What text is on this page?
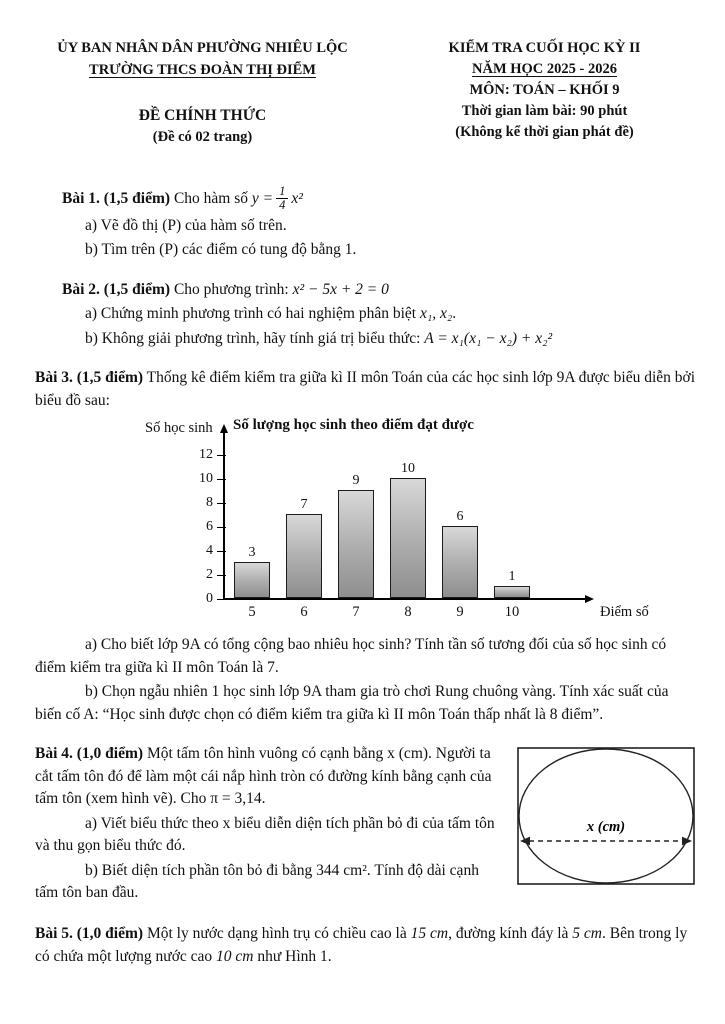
ỦY BAN NHÂN DÂN PHƯỜNG NHIÊU LỘC
TRƯỜNG THCS ĐOÀN THỊ ĐIỂM
ĐỀ CHÍNH THỨC
(Đề có 02 trang)
KIỂM TRA CUỐI HỌC KỲ II
NĂM HỌC 2025 - 2026
MÔN: TOÁN – KHỐI 9
Thời gian làm bài: 90 phút
(Không kể thời gian phát đề)

Bài 1. (1,5 điểm) Cho hàm số $y = \frac{1}{4} x^2$

a) Vẽ đồ thị (P) của hàm số trên.

b) Tìm trên (P) các điểm có tung độ bằng 1.

Bài 2. (1,5 điểm) Cho phương trình: x² − 5x + 2 = 0

a) Chứng minh phương trình có hai nghiệm phân biệt x₁, x₂.

b) Không giải phương trình, hãy tính giá trị biểu thức: A = x₁(x₁ − x₂) + x₂²

Bài 3. (1,5 điểm) Thống kê điểm kiểm tra giữa kì II môn Toán của các học sinh lớp 9A được biểu diễn bởi biểu đồ sau:

Số học sinh Số lượng học sinh theo điểm đạt được
0
2
4
6
8
10
12
3
7
9
10
6
1
5	6	7	8	9	10	Điểm số

a) Cho biết lớp 9A có tổng cộng bao nhiêu học sinh? Tính tần số tương đối của số học sinh có điểm kiểm tra giữa kì II môn Toán là 7.

b) Chọn ngẫu nhiên 1 học sinh lớp 9A tham gia trò chơi Rung chuông vàng. Tính xác suất của biến cố A: “Học sinh được chọn có điểm kiểm tra giữa kì II môn Toán thấp nhất là 8 điểm”.

x (cm)

Bài 4. (1,0 điểm) Một tấm tôn hình vuông có cạnh bằng x (cm). Người ta cắt tấm tôn đó để làm một cái nắp hình tròn có đường kính bằng cạnh của tấm tôn (xem hình vẽ). Cho π = 3,14.

a) Viết biểu thức theo x biểu diễn diện tích phần bỏ đi của tấm tôn và thu gọn biểu thức đó.

b) Biết diện tích phần tôn bỏ đi bằng 344 cm². Tính độ dài cạnh tấm tôn ban đầu.

Bài 5. (1,0 điểm) Một ly nước dạng hình trụ có chiều cao là 15 cm, đường kính đáy là 5 cm. Bên trong ly có chứa một lượng nước cao 10 cm như Hình 1.
